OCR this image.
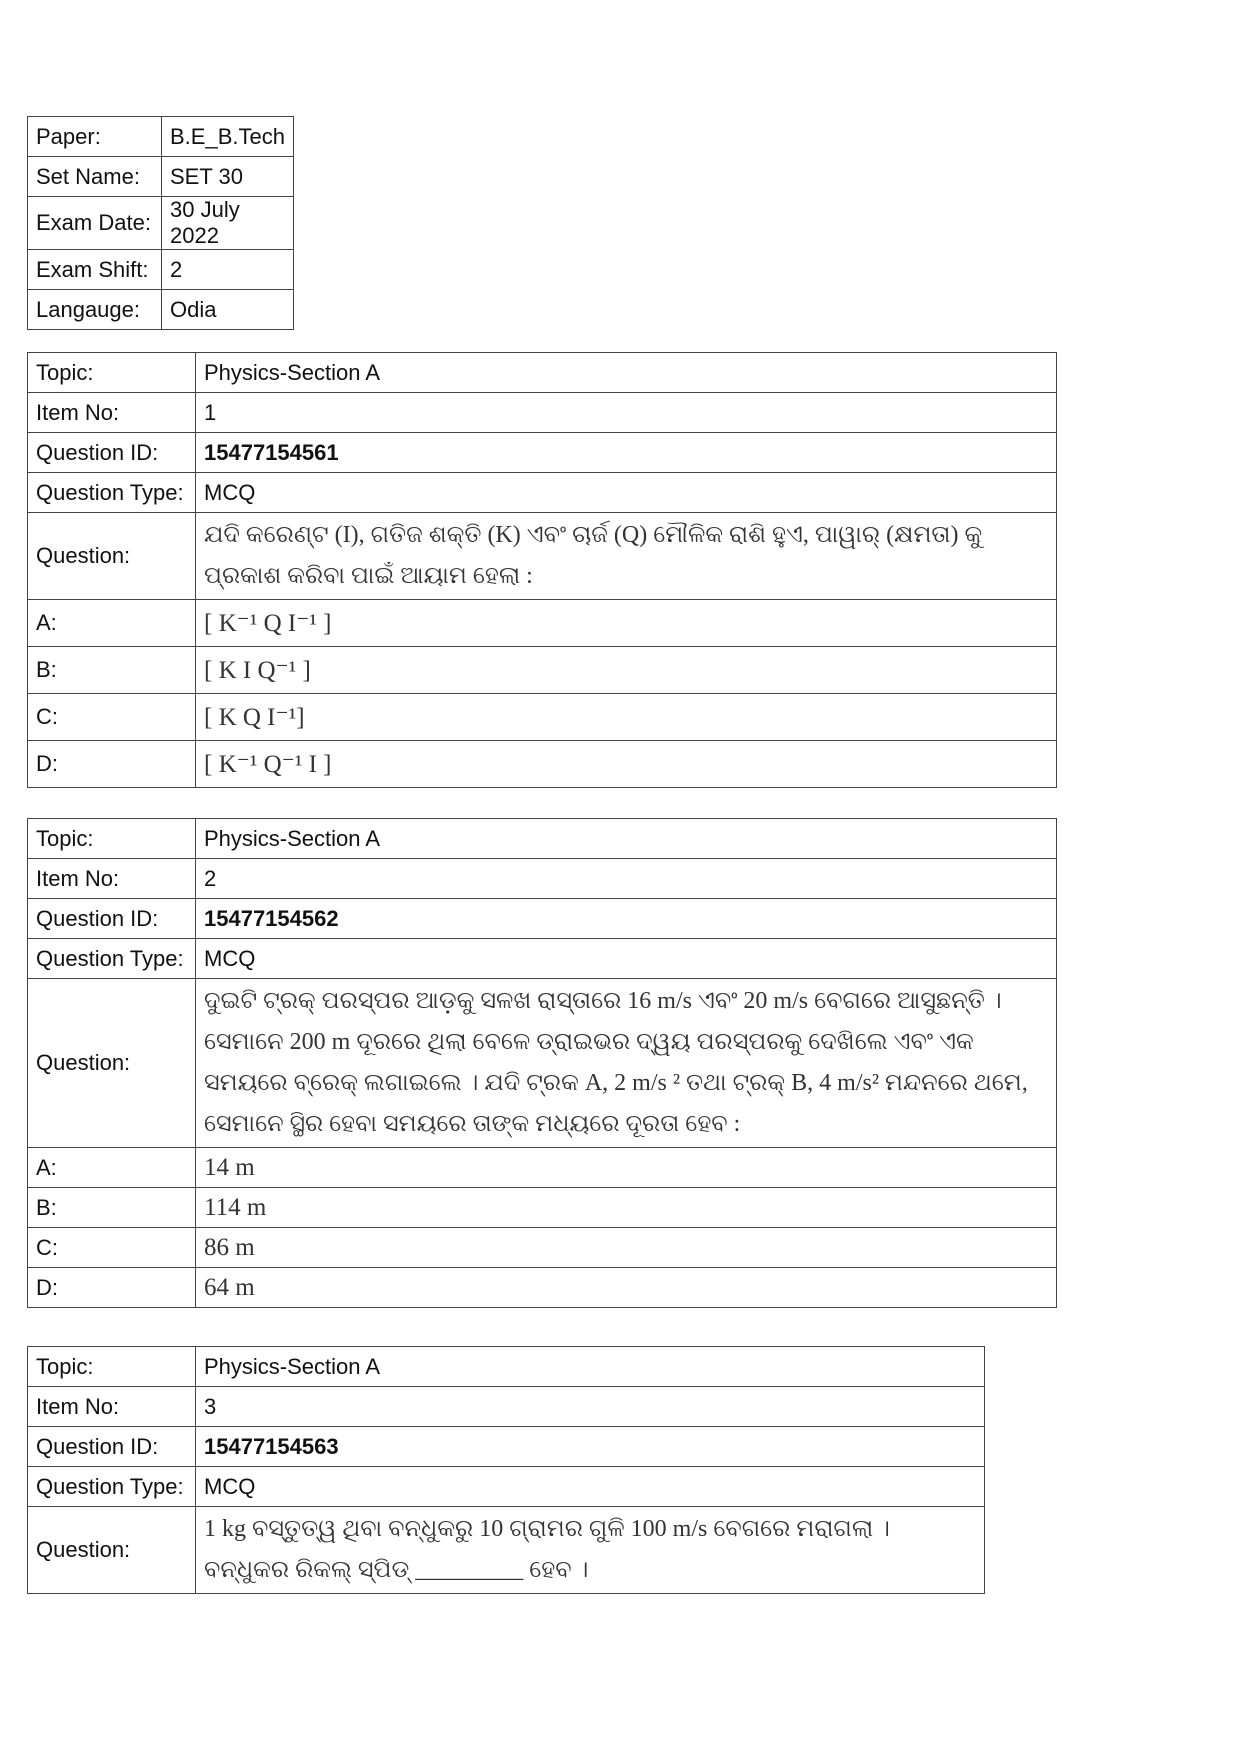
Paper:	B.E_B.Tech
Set Name:	SET 30
Exam Date:	30 July 2022
Exam Shift:	2
Langauge:	Odia
Topic:	Physics-Section A
Item No:	1
Question ID:	15477154561
Question Type:	MCQ
Question:	ଯଦି କରେଣ୍ଟ (I), ଗତିଜ ଶକ୍ତି (K) ଏବଂ ଚାର୍ଜ (Q) ମୌଳିକ ରାଶି ହୁଏ, ପାୱାର୍ (କ୍ଷମତା) କୁ ପ୍ରକାଶ କରିବା ପାଇଁ ଆୟାମ ହେଲା :
A:	[ K⁻¹ Q I⁻¹ ]
B:	[ K I Q⁻¹ ]
C:	[ K Q I⁻¹]
D:	[ K⁻¹ Q⁻¹ I ]
Topic:	Physics-Section A
Item No:	2
Question ID:	15477154562
Question Type:	MCQ
Question:	ଦୁଇଟି ଟ୍ରକ୍ ପରସ୍ପର ଆଡ଼କୁ ସଳଖ ରାସ୍ତାରେ 16 m/s ଏବଂ 20 m/s ବେଗରେ ଆସୁଛନ୍ତି । ସେମାନେ 200 m ଦୂରରେ ଥିଲା ବେଳେ ଡ୍ରାଇଭର ଦ୍ୱୟ ପରସ୍ପରକୁ ଦେଖିଲେ ଏବଂ ଏକ ସମୟରେ ବ୍ରେକ୍ ଲଗାଇଲେ । ଯଦି ଟ୍ରକ A, 2 m/s ² ତଥା ଟ୍ରକ୍ B, 4 m/s² ମନ୍ଦନରେ ଥମେ, ସେମାନେ ସ୍ଥିର ହେବା ସମୟରେ ତାଙ୍କ ମଧ୍ୟରେ ଦୂରତା ହେବ :
A:	14 m
B:	114 m
C:	86 m
D:	64 m
Topic:	Physics-Section A
Item No:	3
Question ID:	15477154563
Question Type:	MCQ
Question:	1 kg ବସ୍ତୁତ୍ୱ ଥିବା ବନ୍ଧୁକରୁ 10 ଗ୍ରାମର ଗୁଳି 100 m/s ବେଗରେ ମରାଗଲା । ବନ୍ଧୁକର ରିକଲ୍ ସ୍ପିଡ୍ _________ ହେବ ।
